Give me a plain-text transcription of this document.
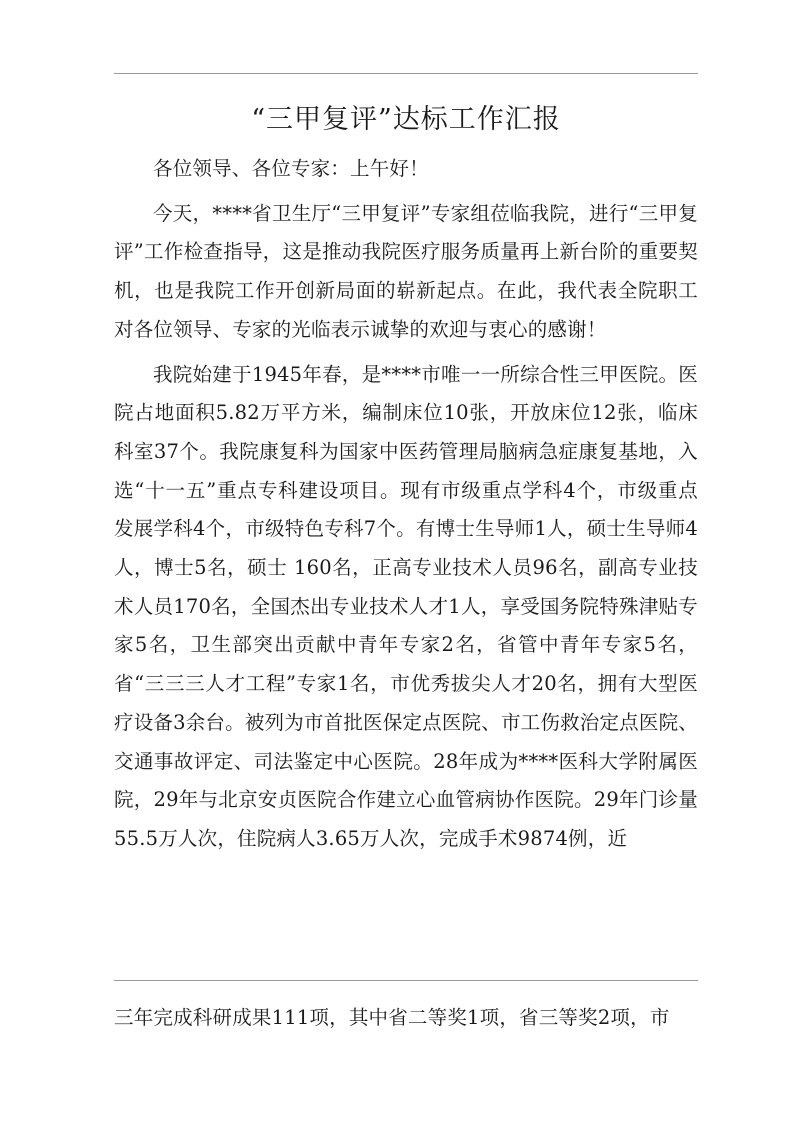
“三甲复评”达标工作汇报

各位领导、各位专家：上午好！

今天，****省卫生厅“三甲复评”专家组莅临我院，进行“三甲复评”工作检查指导，这是推动我院医疗服务质量再上新台阶的重要契机，也是我院工作开创新局面的崭新起点。在此，我代表全院职工对各位领导、专家的光临表示诚挚的欢迎与衷心的感谢！

我院始建于1945年春，是****市唯一一所综合性三甲医院。医院占地面积5.82万平方米，编制床位10张，开放床位12张，临床科室37个。我院康复科为国家中医药管理局脑病急症康复基地，入选“十一五”重点专科建设项目。现有市级重点学科4个，市级重点发展学科4个，市级特色专科7个。有博士生导师1人，硕士生导师4人，博士5名，硕士 160名，正高专业技术人员96名，副高专业技术人员170名，全国杰出专业技术人才1人，享受国务院特殊津贴专家5名，卫生部突出贡献中青年专家2名，省管中青年专家5名，省“三三三人才工程”专家1名，市优秀拔尖人才20名，拥有大型医疗设备3余台。被列为市首批医保定点医院、市工伤救治定点医院、交通事故评定、司法鉴定中心医院。28年成为****医科大学附属医院，29年与北京安贞医院合作建立心血管病协作医院。29年门诊量55.5万人次，住院病人3.65万人次，完成手术9874例，近

三年完成科研成果111项，其中省二等奖1项，省三等奖2项，市
